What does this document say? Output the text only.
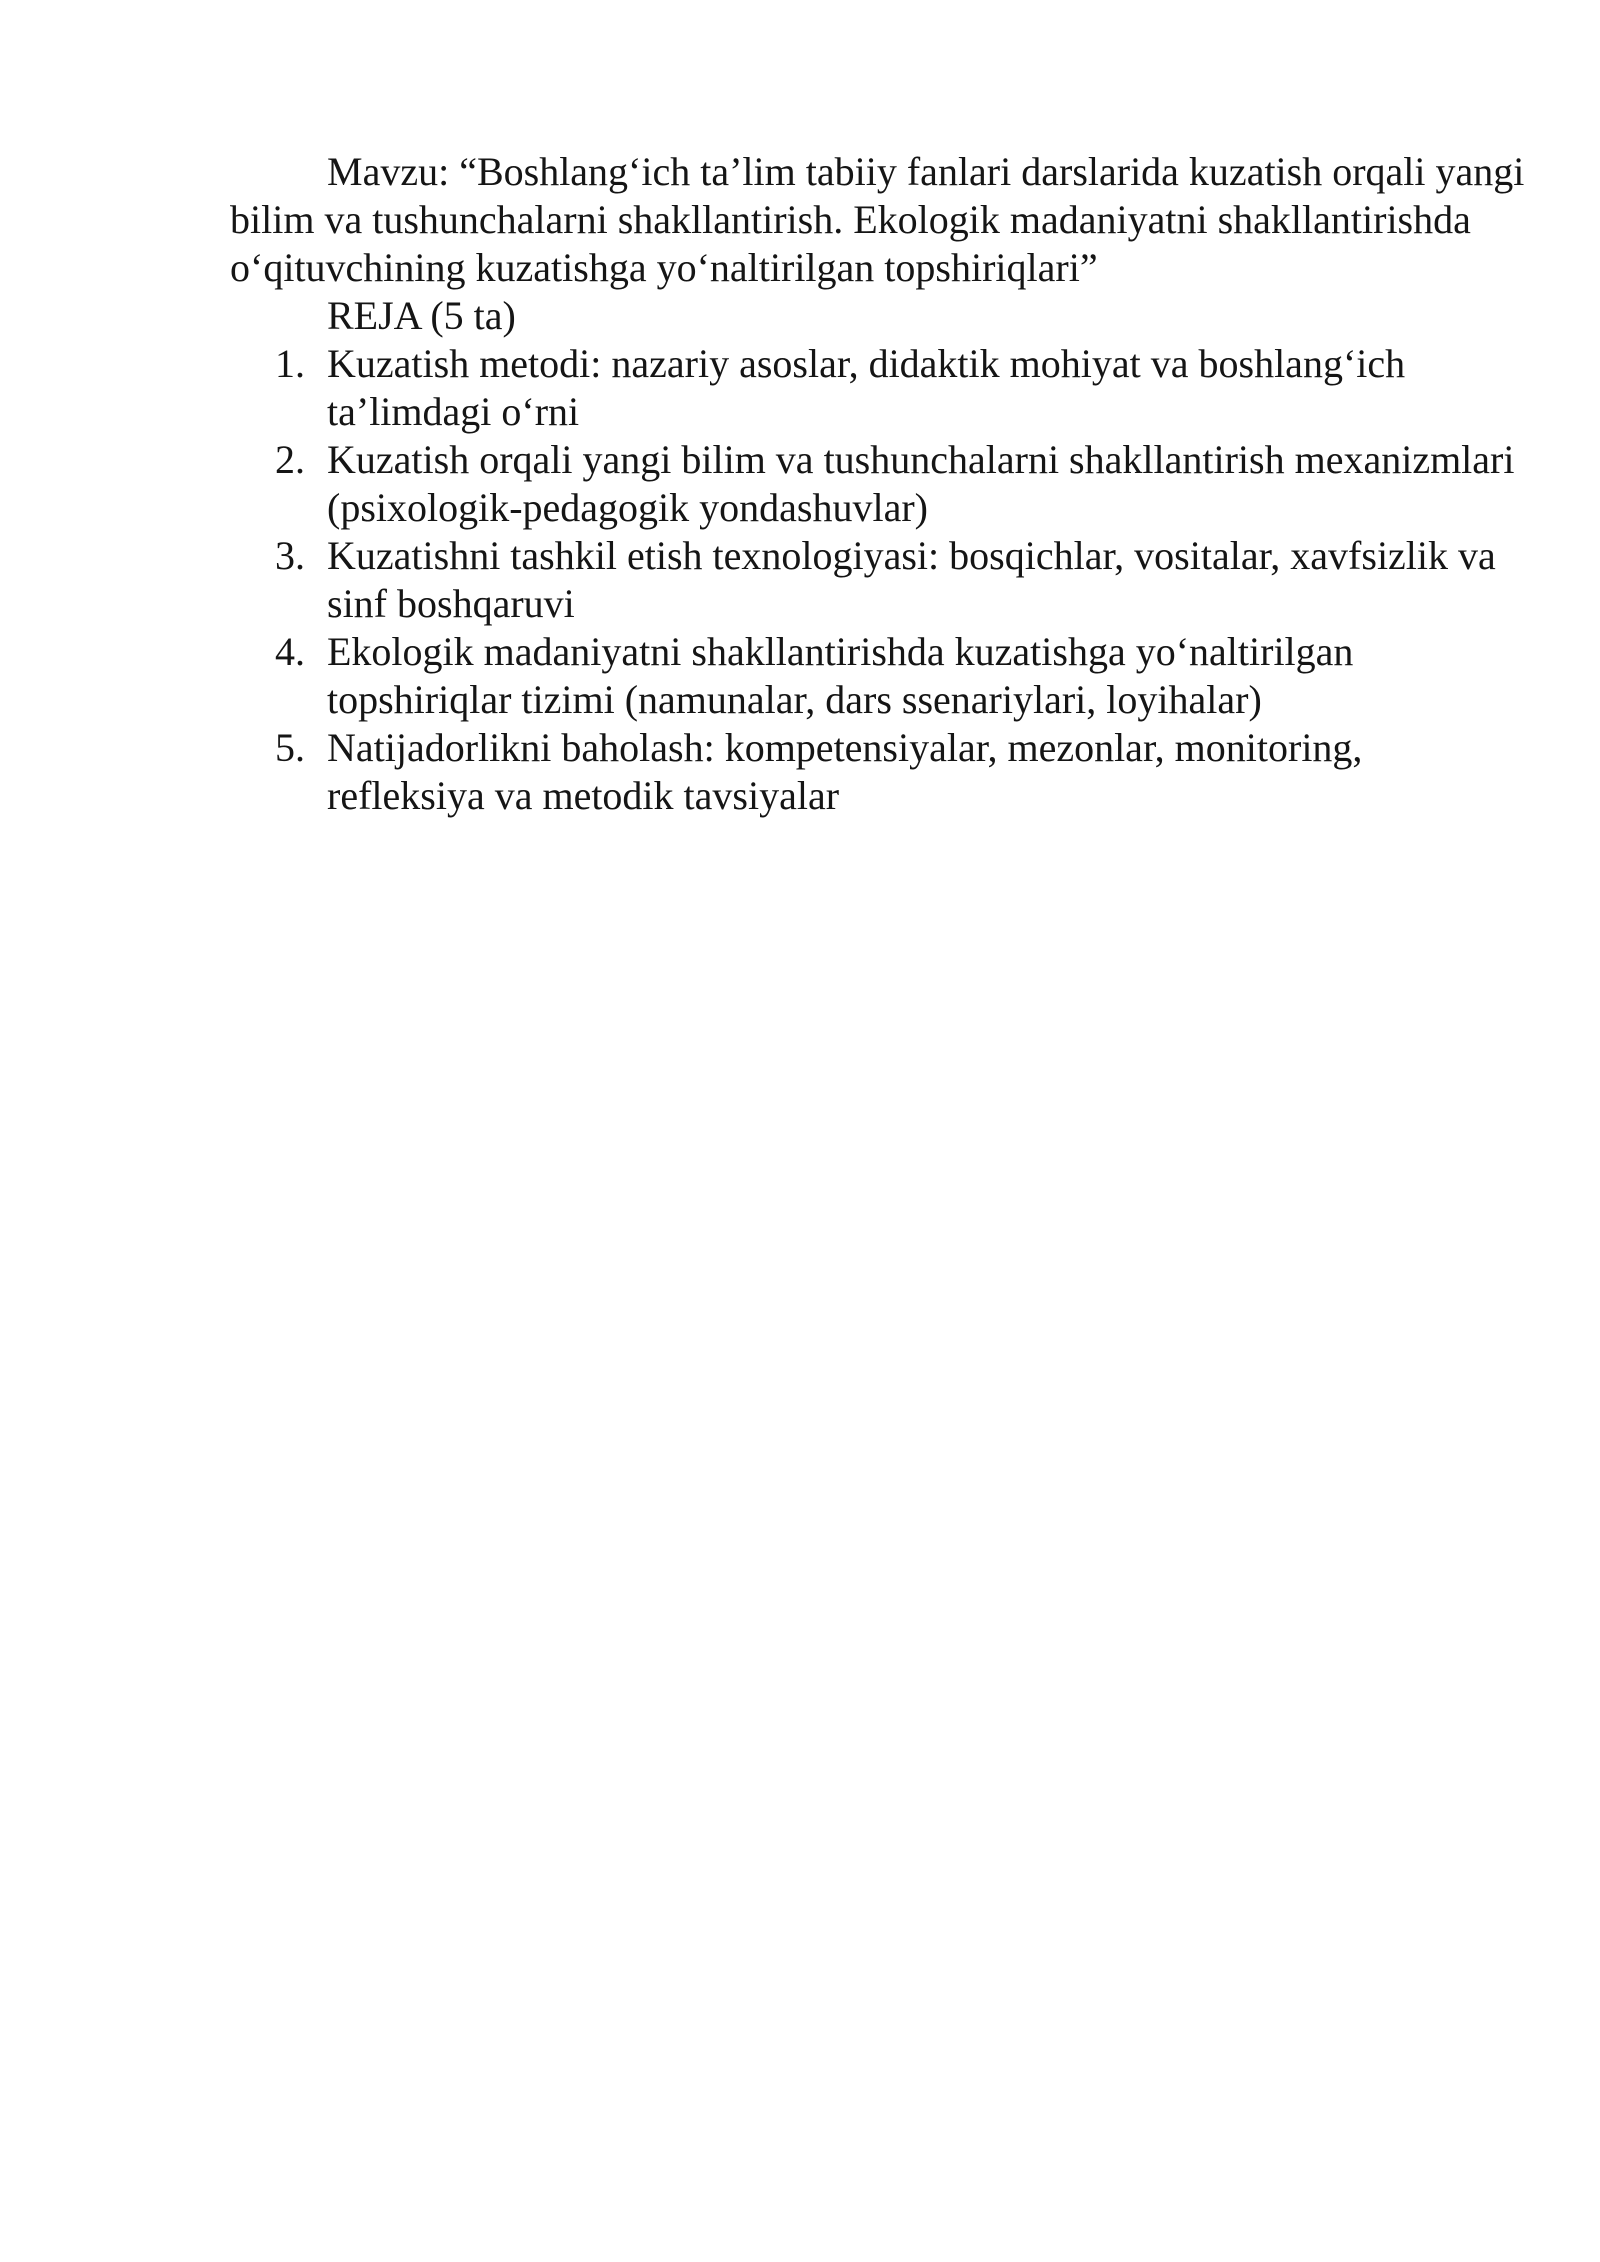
Mavzu: “Boshlang‘ich ta’lim tabiiy fanlari darslarida kuzatish orqali yangi bilim va tushunchalarni shakllantirish. Ekologik madaniyatni shakllantirishda o‘qituvchining kuzatishga yo‘naltirilgan topshiriqlari”

REJA (5 ta)

1. Kuzatish metodi: nazariy asoslar, didaktik mohiyat va boshlang‘ich ta’limdagi o‘rni
2. Kuzatish orqali yangi bilim va tushunchalarni shakllantirish mexanizmlari (psixologik-pedagogik yondashuvlar)
3. Kuzatishni tashkil etish texnologiyasi: bosqichlar, vositalar, xavfsizlik va sinf boshqaruvi
4. Ekologik madaniyatni shakllantirishda kuzatishga yo‘naltirilgan topshiriqlar tizimi (namunalar, dars ssenariylari, loyihalar)
5. Natijadorlikni baholash: kompetensiyalar, mezonlar, monitoring, refleksiya va metodik tavsiyalar
